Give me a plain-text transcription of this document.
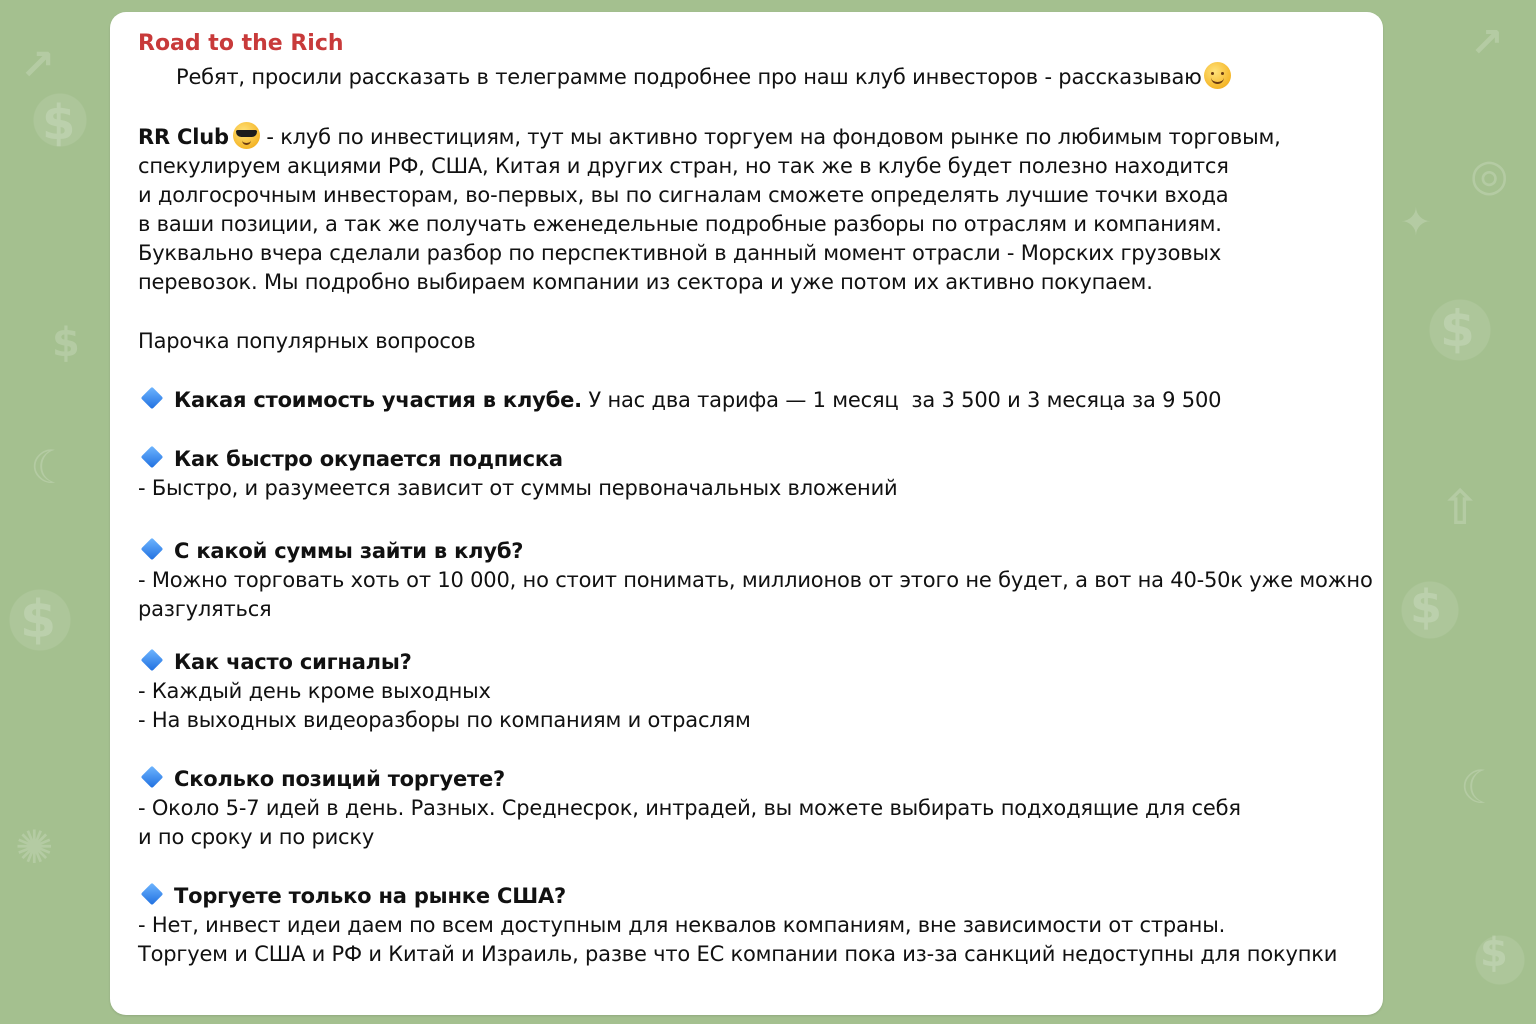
$
$
$	$
$
$
◎
✺
⇧
↗	↗
✦
☾
☾
Road to the Rich
Ребят, просили рассказать в телеграмме подробнее про наш клуб инвесторов - рассказываю
RR Club - клуб по инвестициям, тут мы активно торгуем на фондовом рынке по любимым торговым,
спекулируем акциями РФ, США, Китая и других стран, но так же в клубе будет полезно находится
и долгосрочным инвесторам, во-первых, вы по сигналам сможете определять лучшие точки входа
в ваши позиции, а так же получать еженедельные подробные разборы по отраслям и компаниям.
Буквально вчера сделали разбор по перспективной в данный момент отрасли - Морских грузовых
перевозок. Мы подробно выбираем компании из сектора и уже потом их активно покупаем.
Парочка популярных вопросов
Какая стоимость участия в клубе. У нас два тарифа — 1 месяц  за 3 500 и 3 месяца за 9 500
Как быстро окупается подписка
- Быстро, и разумеется зависит от суммы первоначальных вложений
С какой суммы зайти в клуб?
- Можно торговать хоть от 10 000, но стоит понимать, миллионов от этого не будет, а вот на 40-50к уже можно
разгуляться
Как часто сигналы?
- Каждый день кроме выходных
- На выходных видеоразборы по компаниям и отраслям
Сколько позиций торгуете?
- Около 5-7 идей в день. Разных. Среднесрок, интрадей, вы можете выбирать подходящие для себя
и по сроку и по риску
Торгуете только на рынке США?
- Нет, инвест идеи даем по всем доступным для неквалов компаниям, вне зависимости от страны.
Торгуем и США и РФ и Китай и Израиль, разве что ЕС компании пока из-за санкций недоступны для покупки
